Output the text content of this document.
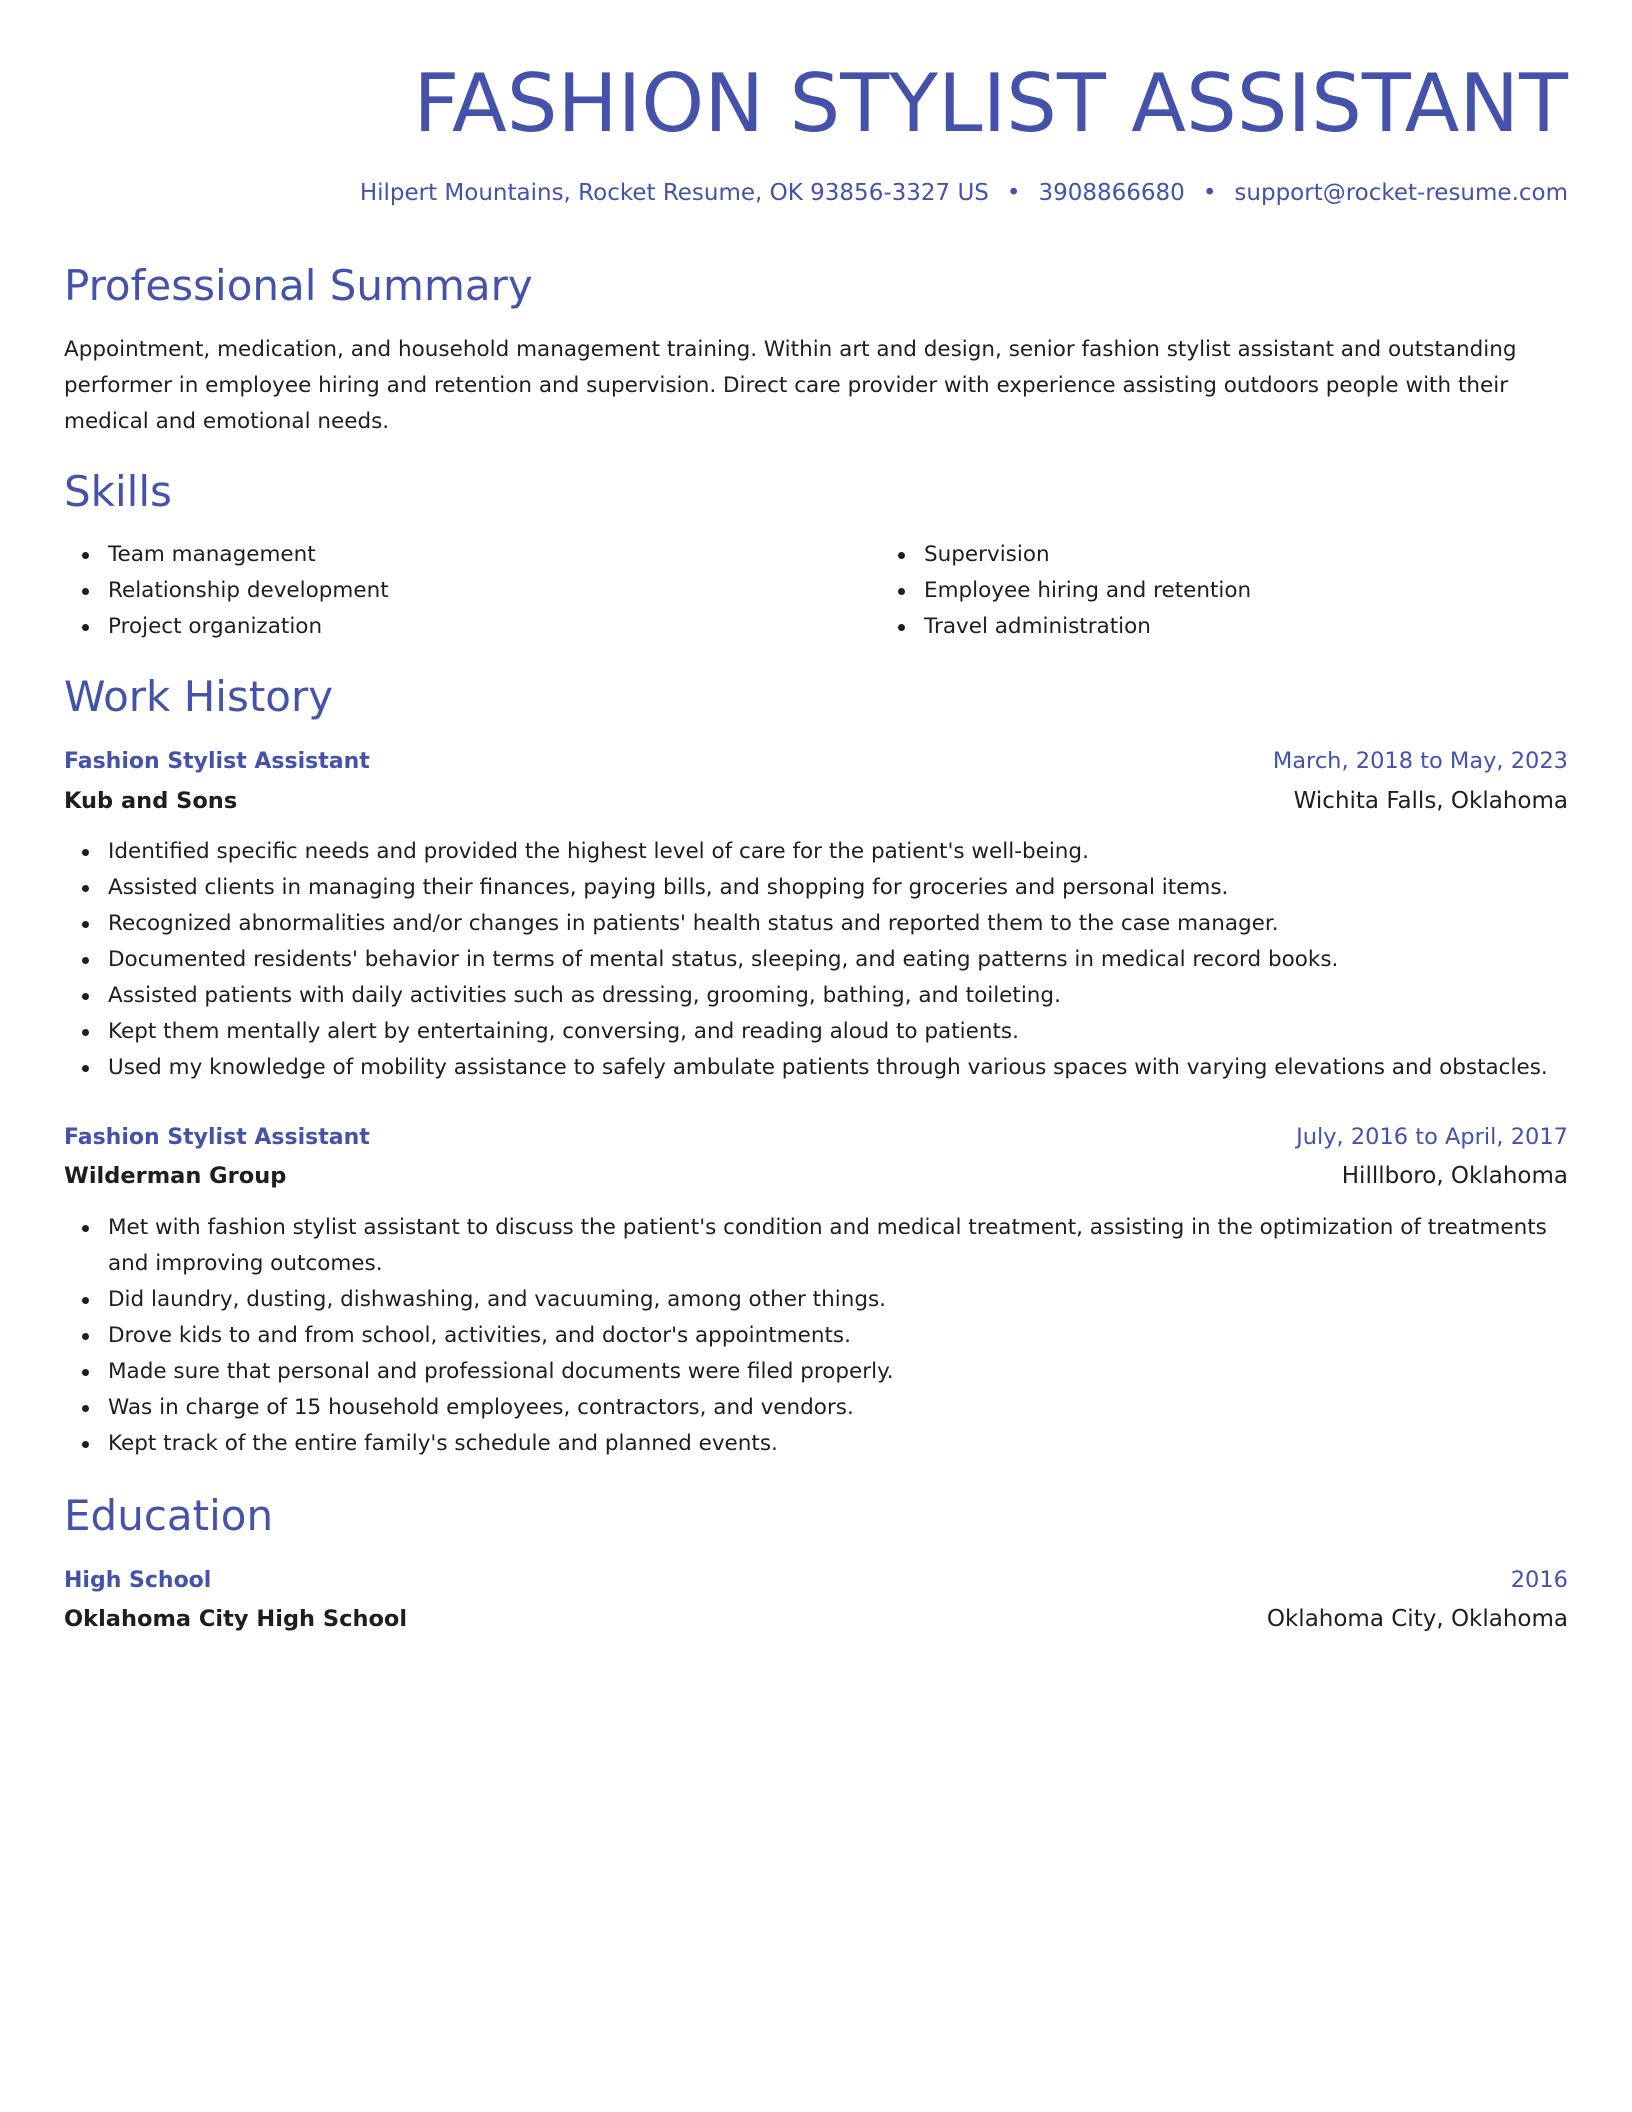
FASHION STYLIST ASSISTANT
Hilpert Mountains, Rocket Resume, OK 93856-3327 US • 3908866680 • support@rocket-resume.com
Professional Summary

Appointment, medication, and household management training. Within art and design, senior fashion stylist assistant and outstanding performer in employee hiring and retention and supervision. Direct care provider with experience assisting outdoors people with their medical and emotional needs.

Skills
Team management
Relationship development
Project organization
Supervision
Employee hiring and retention
Travel administration
Work History
Fashion Stylist Assistant	March, 2018 to May, 2023
Kub and Sons	Wichita Falls, Oklahoma
Identified specific needs and provided the highest level of care for the patient's well-being.
Assisted clients in managing their finances, paying bills, and shopping for groceries and personal items.
Recognized abnormalities and/or changes in patients' health status and reported them to the case manager.
Documented residents' behavior in terms of mental status, sleeping, and eating patterns in medical record books.
Assisted patients with daily activities such as dressing, grooming, bathing, and toileting.
Kept them mentally alert by entertaining, conversing, and reading aloud to patients.
Used my knowledge of mobility assistance to safely ambulate patients through various spaces with varying elevations and obstacles.
Fashion Stylist Assistant	July, 2016 to April, 2017
Wilderman Group	Hilllboro, Oklahoma
Met with fashion stylist assistant to discuss the patient's condition and medical treatment, assisting in the optimization of treatments and improving outcomes.
Did laundry, dusting, dishwashing, and vacuuming, among other things.
Drove kids to and from school, activities, and doctor's appointments.
Made sure that personal and professional documents were filed properly.
Was in charge of 15 household employees, contractors, and vendors.
Kept track of the entire family's schedule and planned events.
Education
High School	2016
Oklahoma City High School	Oklahoma City, Oklahoma
